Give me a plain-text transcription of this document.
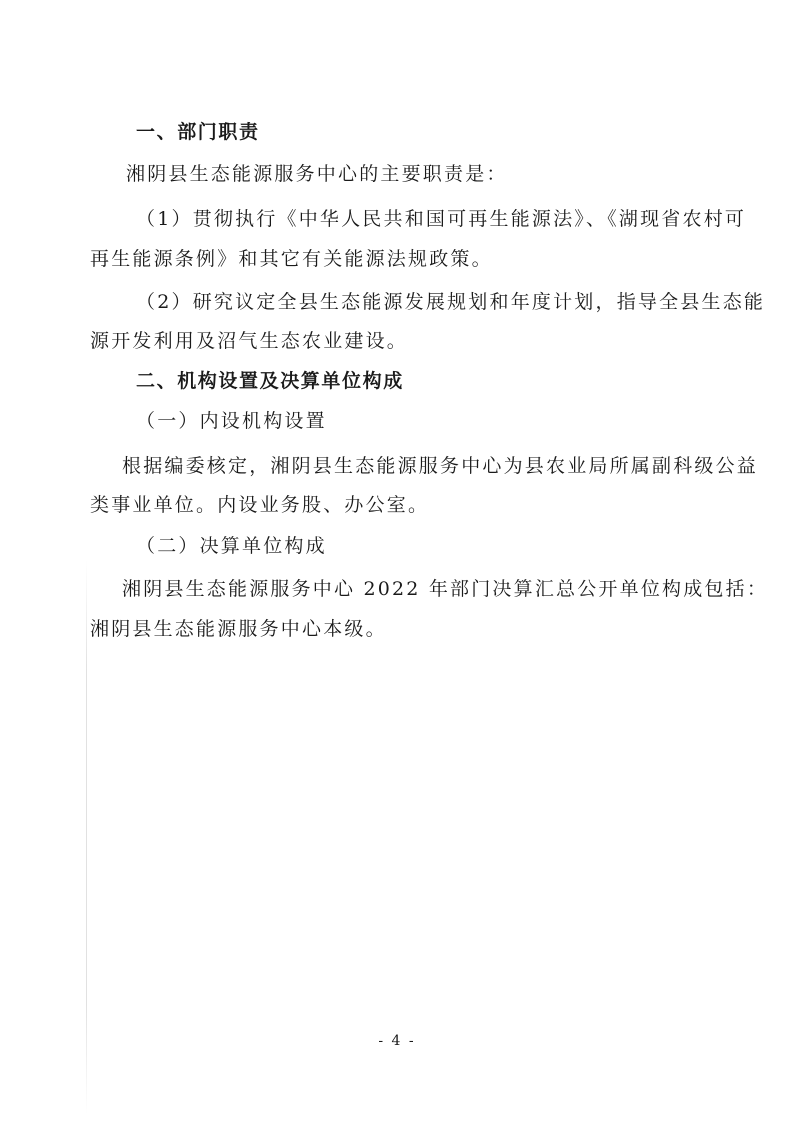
一、部门职责
湘阴县生态能源服务中心的主要职责是：
（1）贯彻执行《中华人民共和国可再生能源法》、《湖现省农村可
再生能源条例》和其它有关能源法规政策。
（2）研究议定全县生态能源发展规划和年度计划，指导全县生态能
源开发利用及沼气生态农业建设。
二、机构设置及决算单位构成
（一）内设机构设置
根据编委核定，湘阴县生态能源服务中心为县农业局所属副科级公益
类事业单位。内设业务股、办公室。
（二）决算单位构成
湘阴县生态能源服务中心 2022 年部门决算汇总公开单位构成包括：
湘阴县生态能源服务中心本级。
- 4 -
